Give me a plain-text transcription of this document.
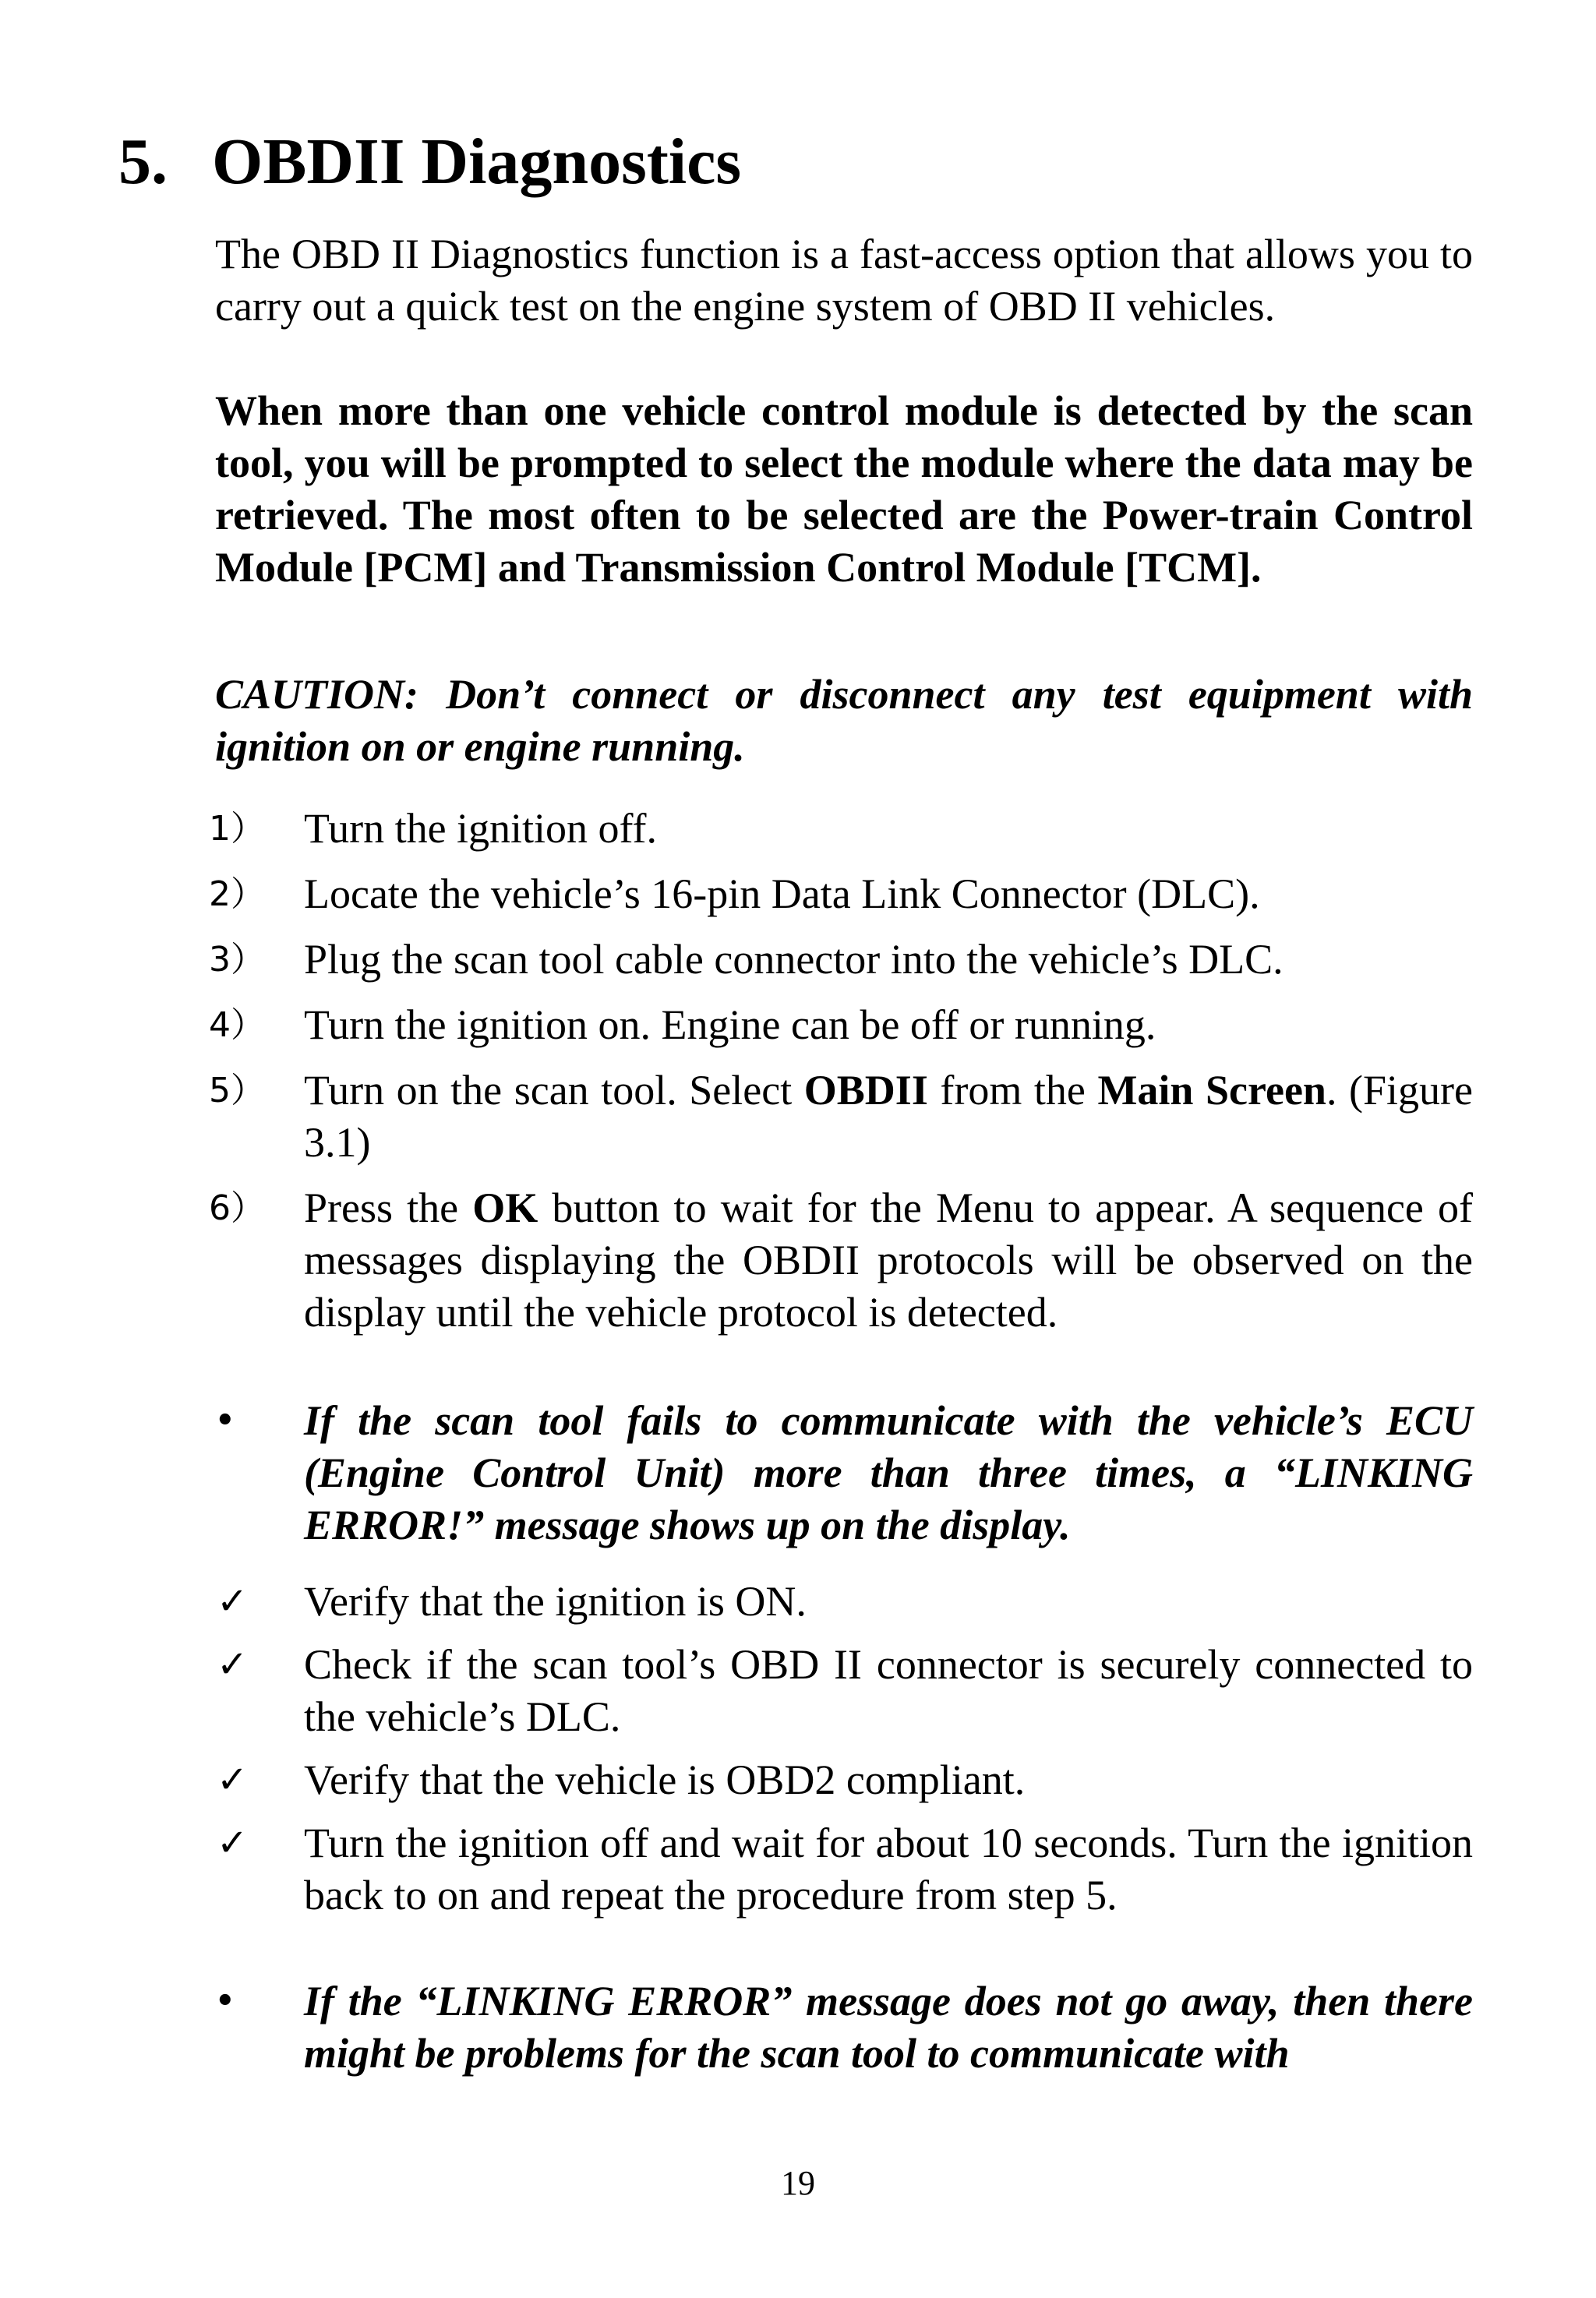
5. OBDII Diagnostics

The OBD II Diagnostics function is a fast-access option that allows you to carry out a quick test on the engine system of OBD II vehicles.

When more than one vehicle control module is detected by the scan tool, you will be prompted to select the module where the data may be retrieved. The most often to be selected are the Power-train Control Module [PCM] and Transmission Control Module [TCM].

CAUTION: Don’t connect or disconnect any test equipment with ignition on or engine running.

1） Turn the ignition off.
2） Locate the vehicle’s 16-pin Data Link Connector (DLC).
3） Plug the scan tool cable connector into the vehicle’s DLC.
4） Turn the ignition on. Engine can be off or running.
5） Turn on the scan tool. Select OBDII from the Main Screen. (Figure 3.1)
6） Press the OK button to wait for the Menu to appear. A sequence of messages displaying the OBDII protocols will be observed on the display until the vehicle protocol is detected.
•	If the scan tool fails to communicate with the vehicle’s ECU (Engine Control Unit) more than three times, a “LINKING ERROR!” message shows up on the display.
✓ Verify that the ignition is ON.
✓ Check if the scan tool’s OBD II connector is securely connected to the vehicle’s DLC.
✓ Verify that the vehicle is OBD2 compliant.
✓ Turn the ignition off and wait for about 10 seconds. Turn the ignition back to on and repeat the procedure from step 5.
•	If the “LINKING ERROR” message does not go away, then there might be problems for the scan tool to communicate with
19
